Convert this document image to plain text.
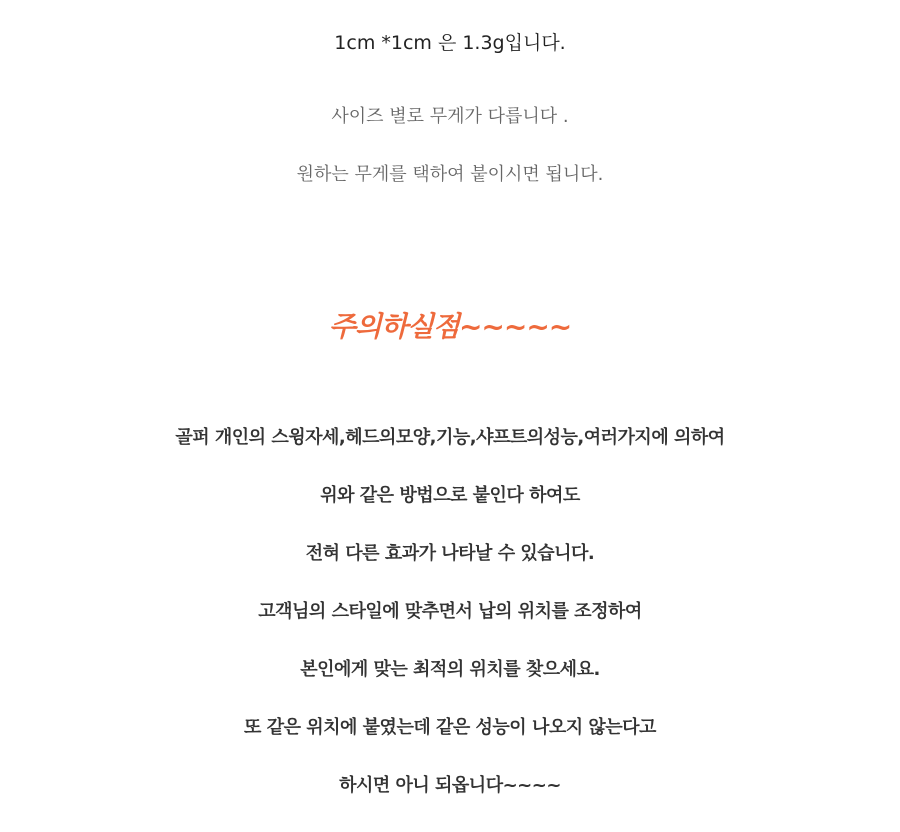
1cm *1cm 은 1.3g입니다.
사이즈 별로 무게가 다릅니다 .
원하는 무게를 택하여 붙이시면 됩니다.
주의하실점~~~~~
골퍼 개인의 스윙자세,헤드의모양,기능,샤프트의성능,여러가지에 의하여
위와 같은 방법으로 붙인다 하여도
전혀 다른 효과가 나타날 수 있습니다.
고객님의 스타일에 맞추면서 납의 위치를 조정하여
본인에게 맞는 최적의 위치를 찾으세요.
또 같은 위치에 붙였는데 같은 성능이 나오지 않는다고
하시면 아니 되옵니다~~~~
